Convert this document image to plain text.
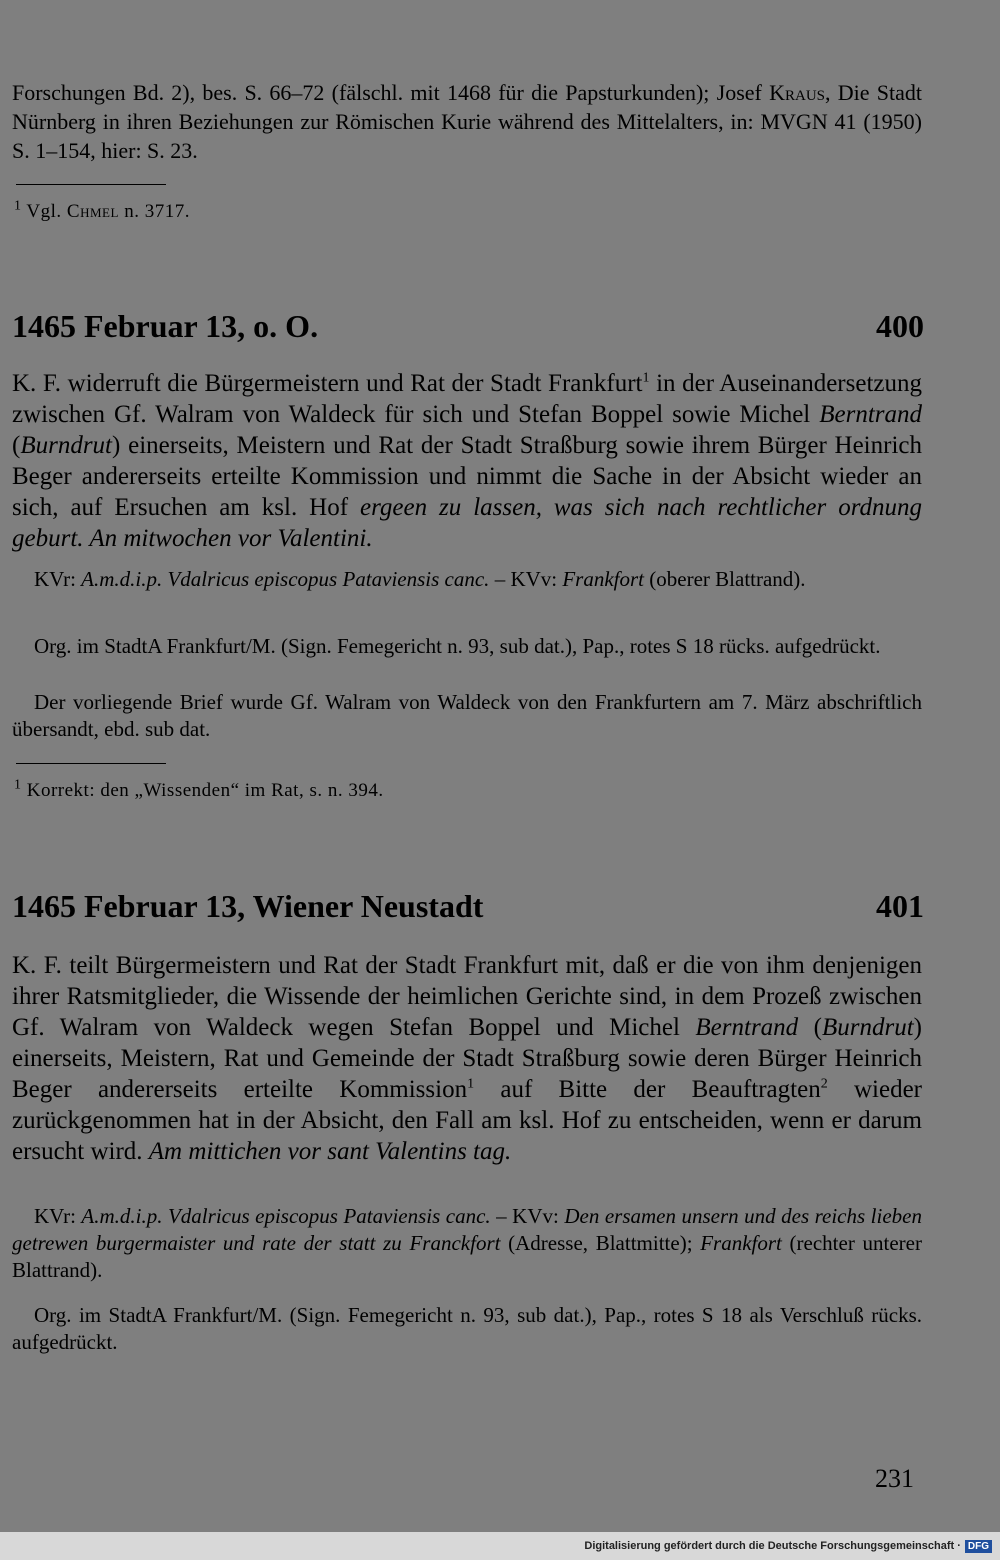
Forschungen Bd. 2), bes. S. 66–72 (fälschl. mit 1468 für die Papsturkunden); Josef Kraus, Die Stadt Nürnberg in ihren Beziehungen zur Römischen Kurie während des Mittelalters, in: MVGN 41 (1950) S. 1–154, hier: S. 23.
$^1$ Vgl. Chmel n. 3717.
1465 Februar 13, o. O.	400
K. F. widerruft die Bürgermeistern und Rat der Stadt Frankfurt$^1$ in der Auseinandersetzung zwischen Gf. Walram von Waldeck für sich und Stefan Boppel sowie Michel Berntrand (Burndrut) einerseits, Meistern und Rat der Stadt Straßburg sowie ihrem Bürger Heinrich Beger andererseits erteilte Kommission und nimmt die Sache in der Absicht wieder an sich, auf Ersuchen am ksl. Hof ergeen zu lassen, was sich nach rechtlicher ordnung geburt. An mitwochen vor Valentini.
KVr: A.m.d.i.p. Vdalricus episcopus Pataviensis canc. – KVv: Frankfort (oberer Blattrand).
Org. im StadtA Frankfurt/M. (Sign. Femegericht n. 93, sub dat.), Pap., rotes S 18 rücks. aufgedrückt.
Der vorliegende Brief wurde Gf. Walram von Waldeck von den Frankfurtern am 7. März abschriftlich übersandt, ebd. sub dat.
$^1$ Korrekt: den „Wissenden“ im Rat, s. n. 394.
1465 Februar 13, Wiener Neustadt	401
K. F. teilt Bürgermeistern und Rat der Stadt Frankfurt mit, daß er die von ihm denjenigen ihrer Ratsmitglieder, die Wissende der heimlichen Gerichte sind, in dem Prozeß zwischen Gf. Walram von Waldeck wegen Stefan Boppel und Michel Berntrand (Burndrut) einerseits, Meistern, Rat und Gemeinde der Stadt Straßburg sowie deren Bürger Heinrich Beger andererseits erteilte Kommission$^1$ auf Bitte der Beauftragten$^2$ wieder zurückgenommen hat in der Absicht, den Fall am ksl. Hof zu entscheiden, wenn er darum ersucht wird. Am mittichen vor sant Valentins tag.
KVr: A.m.d.i.p. Vdalricus episcopus Pataviensis canc. – KVv: Den ersamen unsern und des reichs lieben getrewen burgermaister und rate der statt zu Franckfort (Adresse, Blattmitte); Frankfort (rechter unterer Blattrand).
Org. im StadtA Frankfurt/M. (Sign. Femegericht n. 93, sub dat.), Pap., rotes S 18 als Verschluß rücks. aufgedrückt.
231
Digitalisierung gefördert durch die Deutsche Forschungsgemeinschaft · DFG
